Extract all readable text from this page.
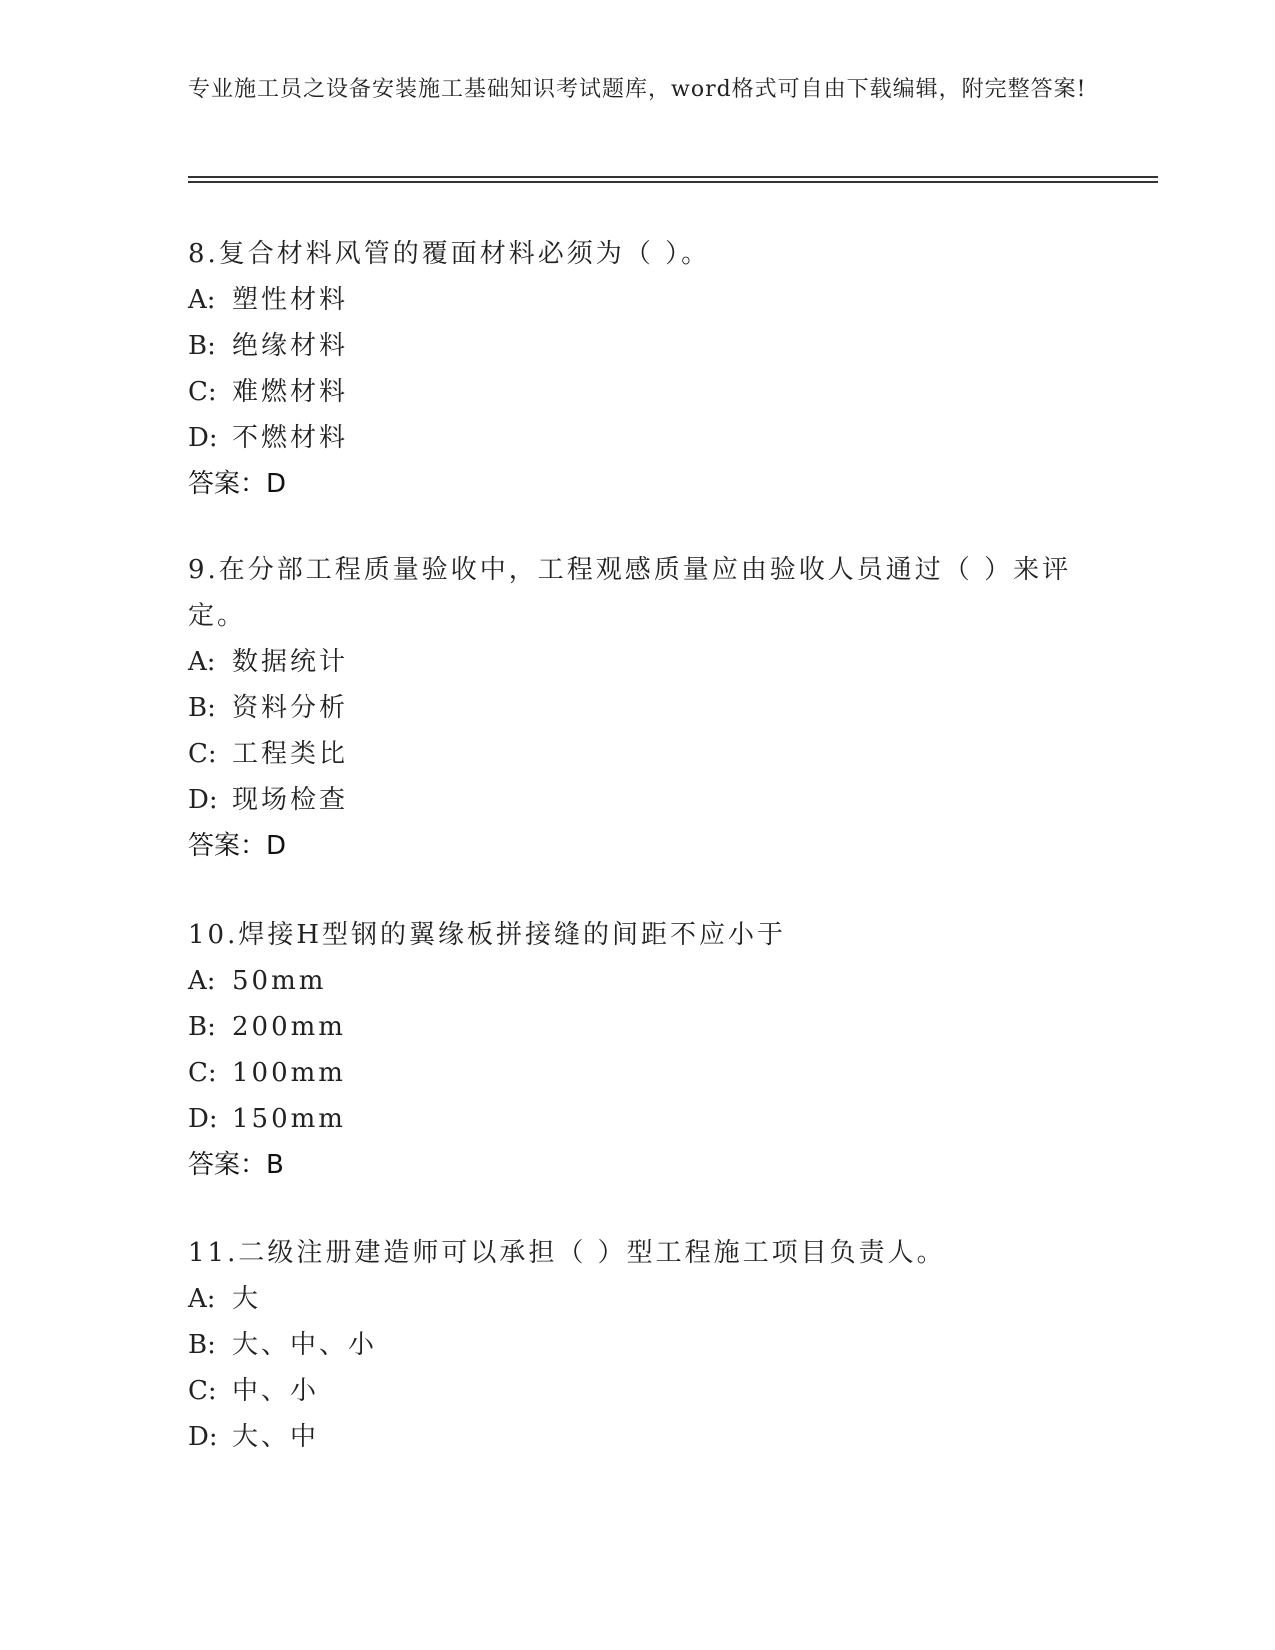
专业施工员之设备安装施工基础知识考试题库，word格式可自由下载编辑，附完整答案!

8.复合材料风管的覆面材料必须为（ ）。

A: 塑性材料

B: 绝缘材料

C: 难燃材料

D: 不燃材料

答案：D

9.在分部工程质量验收中，工程观感质量应由验收人员通过（ ）来评定。

A: 数据统计

B: 资料分析

C: 工程类比

D: 现场检查

答案：D

10.焊接H型钢的翼缘板拼接缝的间距不应小于

A: 50mm

B: 200mm

C: 100mm

D: 150mm

答案：B

11.二级注册建造师可以承担（ ）型工程施工项目负责人。

A: 大

B: 大、中、小

C: 中、小

D: 大、中
